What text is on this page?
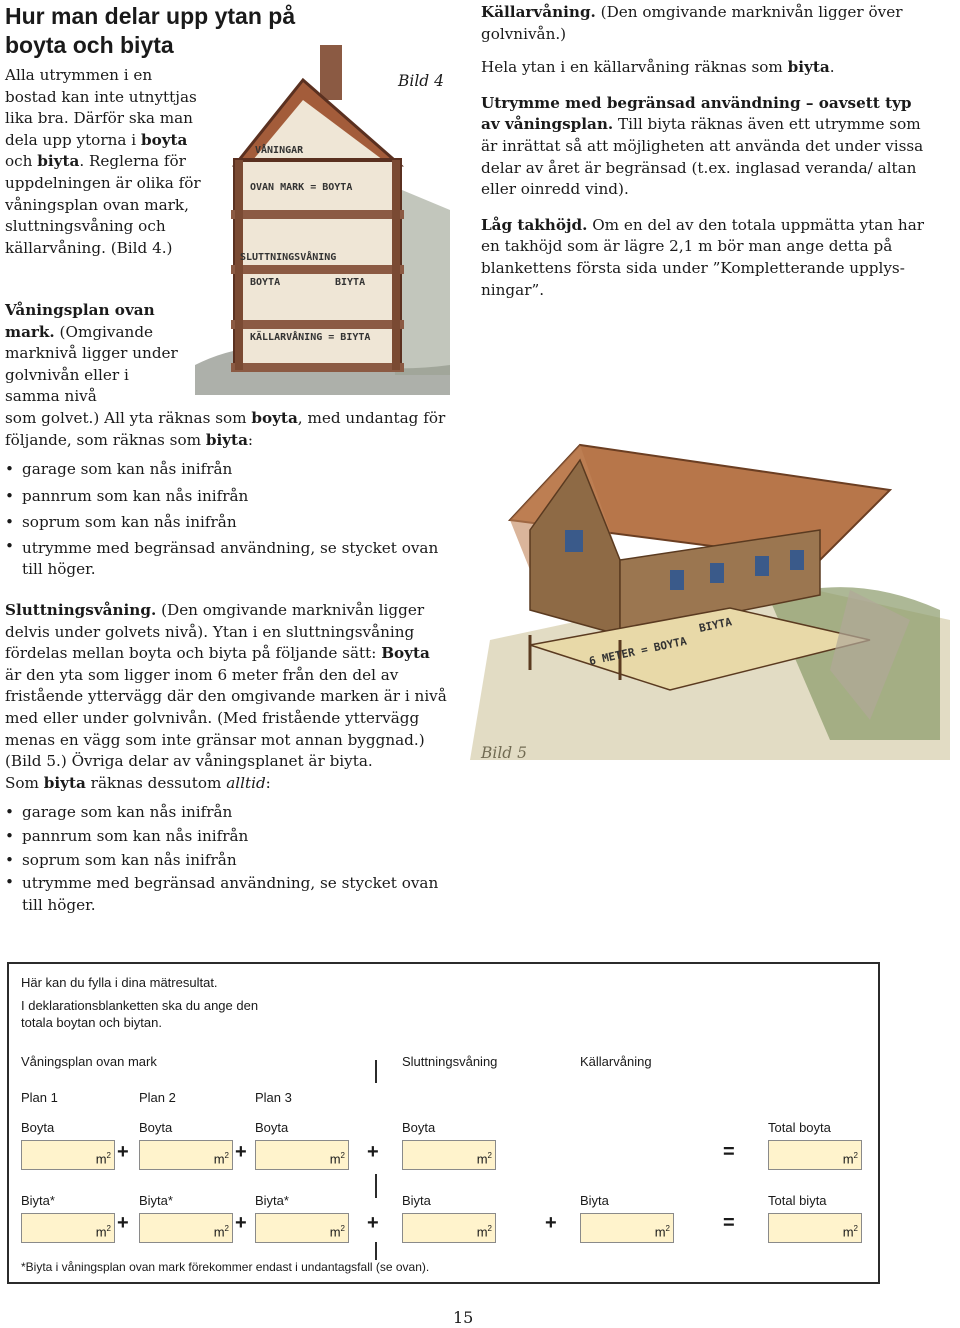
Hur man delar upp ytan på boyta och biyta
Alla utrymmen i en bostad kan inte utnyttjas lika bra. Därför ska man dela upp ytorna i boyta och biyta. Reglerna för uppdelningen är olika för våningsplan ovan mark, sluttningsvåning och källarvåning. (Bild 4.)
Våningsplan ovan mark. (Omgivande marknivå ligger under golvnivån eller i samma nivå
som golvet.) All yta räknas som boyta, med undantag för följande, som räknas som biyta:
• garage som kan nås inifrån
• pannrum som kan nås inifrån
• soprum som kan nås inifrån
• utrymme med begränsad användning, se stycket ovan till höger.
Sluttningsvåning. (Den omgivande marknivån ligger delvis under golvets nivå). Ytan i en sluttningsvåning fördelas mellan boyta och biyta på följande sätt: Boyta är den yta som ligger inom 6 meter från den del av fristående yttervägg där den omgivande marken är i nivå med eller under golvnivån. (Med fristående yttervägg menas en vägg som inte gränsar mot annan byggnad.) (Bild 5.) Övriga delar av våningsplanet är biyta.
Som biyta räknas dessutom alltid:
• garage som kan nås inifrån
• pannrum som kan nås inifrån
• soprum som kan nås inifrån
• utrymme med begränsad användning, se stycket ovan till höger.

Källarvåning. (Den omgivande marknivån ligger över golvnivån.)

Hela ytan i en källarvåning räknas som biyta.

Utrymme med begränsad användning – oavsett typ av våningsplan. Till biyta räknas även ett utrymme som är inrättat så att möjligheten att använda det under vissa delar av året är begränsad (t.ex. inglasad veranda/ altan eller oinredd vind).

Låg takhöjd. Om en del av den totala uppmätta ytan har en takhöjd som är lägre 2,1 m bör man ange detta på blankettens första sida under ”Kompletterande upplysningar”.

Bild 4
VÅNINGAR
OVAN MARK = BOYTA
SLUTTNINGSVÅNING
BOYTA	BIYTA
KÄLLARVÅNING = BIYTA
BIYTA
6 METER = BOYTA
Här kan du fylla i dina mätresultat.
I deklarationsblanketten ska du ange den totala boytan och biytan.
Våningsplan ovan mark	Sluttningsvåning	Källarvåning
Plan 1	Plan 2	Plan 3
Boyta	Boyta	Boyta	Boyta	Total boyta
$m^2$ +	$m^2$ +	$m^2$ +	$m^2$	=	$m^2$
Biyta*	Biyta*	Biyta*	Biyta	Biyta	Total biyta
$m^2$ +	$m^2$ +	$m^2$ +	$m^2$	+	$m^2$	=	$m^2$
*Biyta i våningsplan ovan mark förekommer endast i undantagsfall (se ovan).
15
